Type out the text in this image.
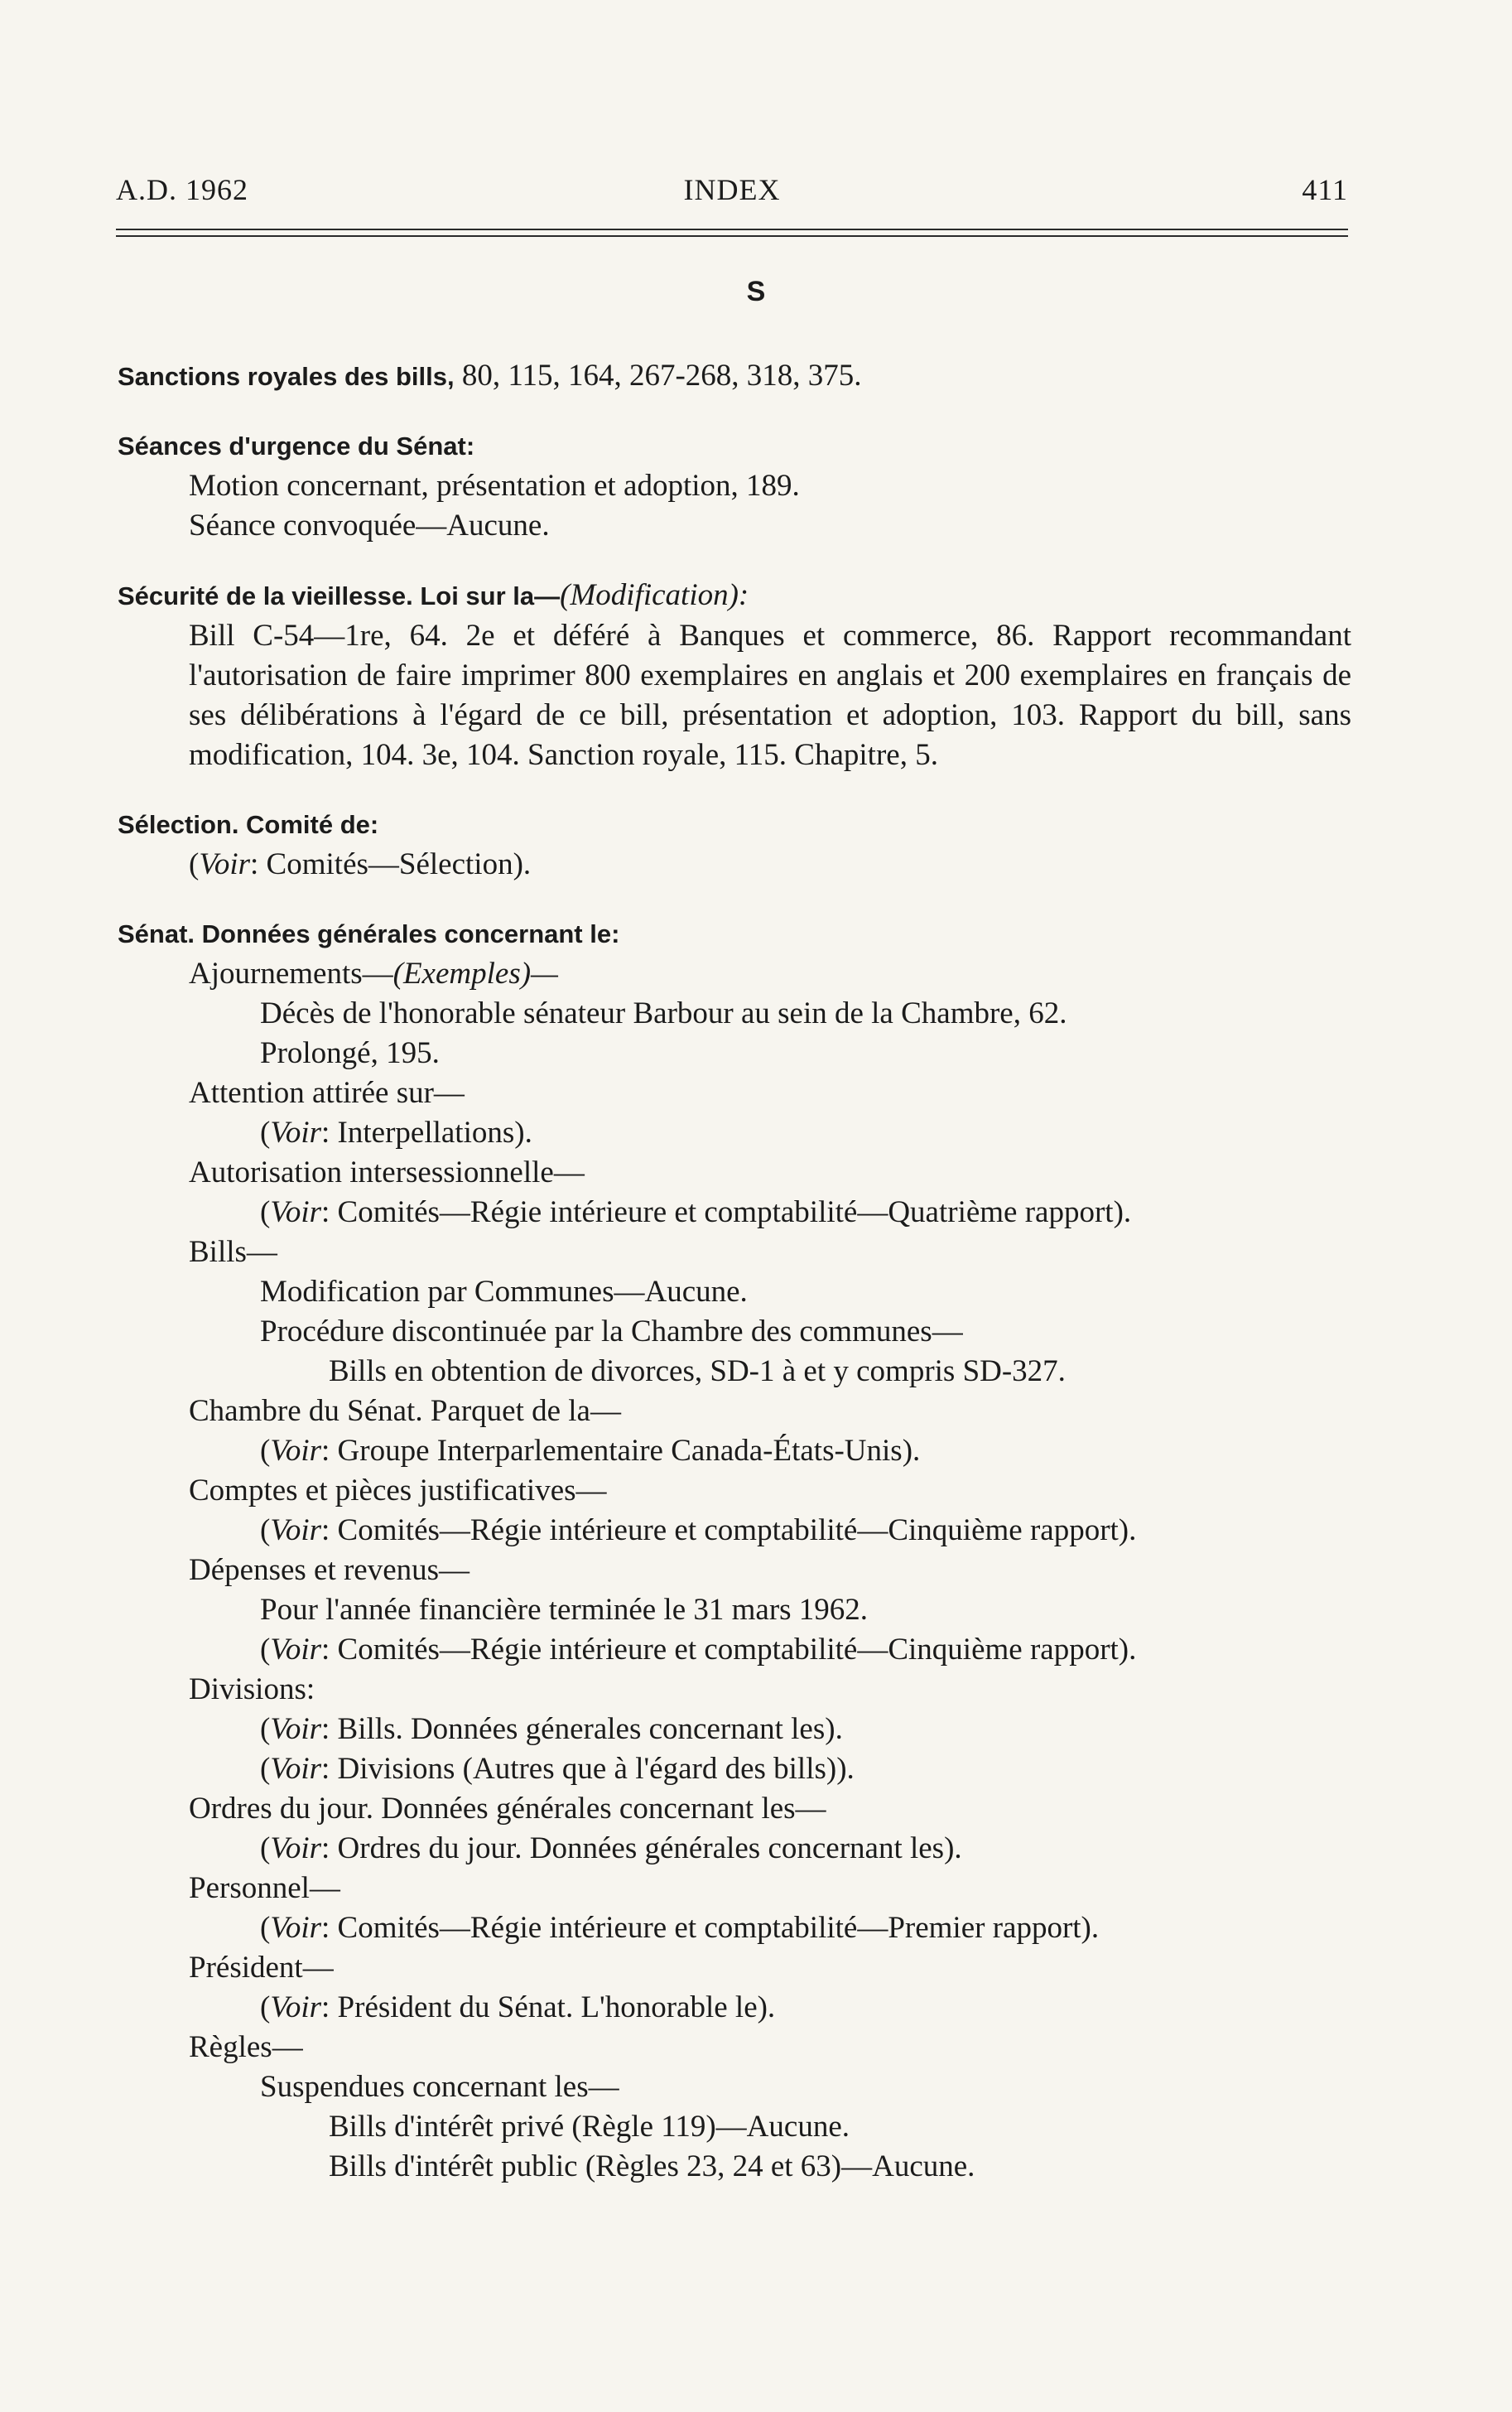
A.D. 1962	INDEX	411
S
Sanctions royales des bills, 80, 115, 164, 267-268, 318, 375.
Séances d'urgence du Sénat:
Motion concernant, présentation et adoption, 189.
Séance convoquée—Aucune.
Sécurité de la vieillesse. Loi sur la—(Modification):
Bill C-54—1re, 64. 2e et déféré à Banques et commerce, 86. Rapport recommandant l'autorisation de faire imprimer 800 exemplaires en anglais et 200 exemplaires en français de ses délibérations à l'égard de ce bill, présentation et adoption, 103. Rapport du bill, sans modification, 104. 3e, 104. Sanction royale, 115. Chapitre, 5.
Sélection. Comité de:
(Voir: Comités—Sélection).
Sénat. Données générales concernant le:
Ajournements—(Exemples)—
Décès de l'honorable sénateur Barbour au sein de la Chambre, 62.
Prolongé, 195.
Attention attirée sur—
(Voir: Interpellations).
Autorisation intersessionnelle—
(Voir: Comités—Régie intérieure et comptabilité—Quatrième rapport).
Bills—
Modification par Communes—Aucune.
Procédure discontinuée par la Chambre des communes—
Bills en obtention de divorces, SD-1 à et y compris SD-327.
Chambre du Sénat. Parquet de la—
(Voir: Groupe Interparlementaire Canada-États-Unis).
Comptes et pièces justificatives—
(Voir: Comités—Régie intérieure et comptabilité—Cinquième rapport).
Dépenses et revenus—
Pour l'année financière terminée le 31 mars 1962.
(Voir: Comités—Régie intérieure et comptabilité—Cinquième rapport).
Divisions:
(Voir: Bills. Données génerales concernant les).
(Voir: Divisions (Autres que à l'égard des bills)).
Ordres du jour. Données générales concernant les—
(Voir: Ordres du jour. Données générales concernant les).
Personnel—
(Voir: Comités—Régie intérieure et comptabilité—Premier rapport).
Président—
(Voir: Président du Sénat. L'honorable le).
Règles—
Suspendues concernant les—
Bills d'intérêt privé (Règle 119)—Aucune.
Bills d'intérêt public (Règles 23, 24 et 63)—Aucune.
